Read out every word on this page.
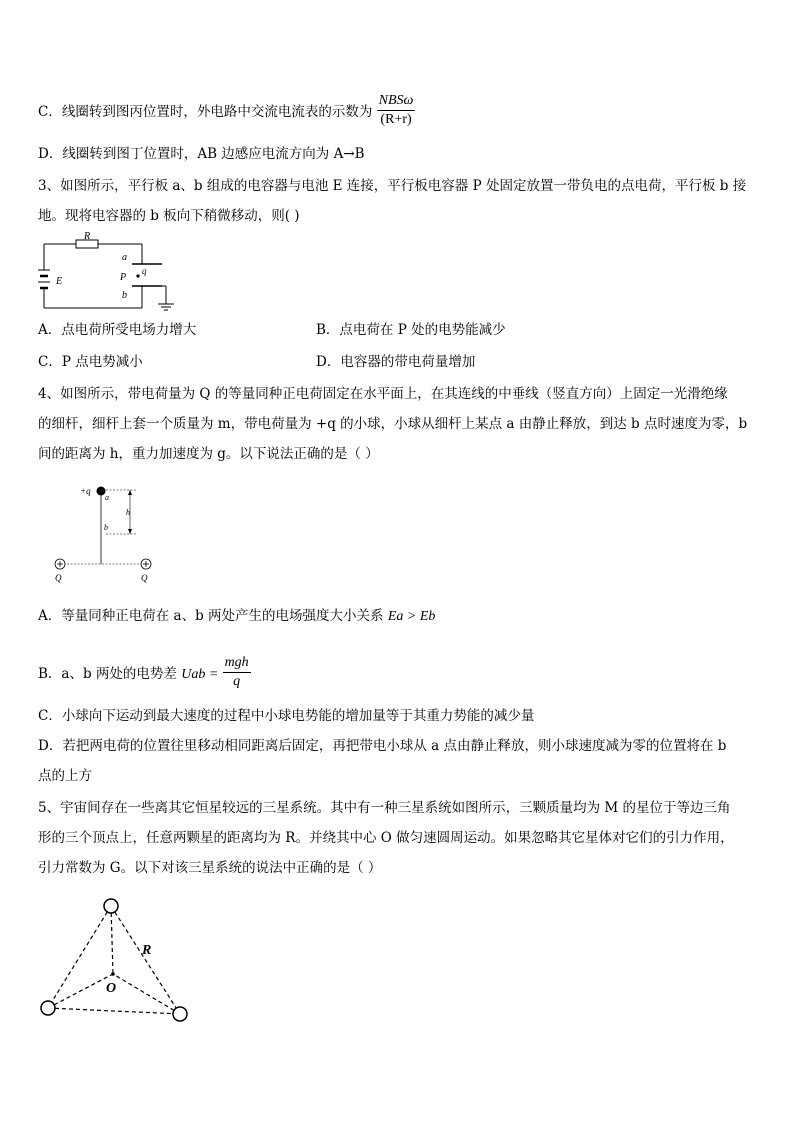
C．线圈转到图丙位置时，外电路中交流电流表的示数为 $\frac{\text{NBSω}}{(R+r)}$
D．线圈转到图丁位置时，AB 边感应电流方向为 A→B
3、如图所示，平行板 a、b 组成的电容器与电池 E 连接，平行板电容器 P 处固定放置一带负电的点电荷，平行板 b 接
地。现将电容器的 b 板向下稍微移动，则( )
R
E
a
P
q
b
A．点电荷所受电场力增大	B．点电荷在 P 处的电势能减少
C．P 点电势减小	D．电容器的带电荷量增加
4、如图所示，带电荷量为 Q 的等量同种正电荷固定在水平面上，在其连线的中垂线（竖直方向）上固定一光滑绝缘
的细杆，细杆上套一个质量为 m，带电荷量为 +q 的小球，小球从细杆上某点 a 由静止释放，到达 b 点时速度为零，b
间的距离为 h，重力加速度为 g。以下说法正确的是（ ）
+q
a
h
b
Q	Q
A．等量同种正电荷在 a、b 两处产生的电场强度大小关系 Ea > Eb
B．a、b 两处的电势差 Uab = $\frac{\text{mgh}}{q}$
C．小球向下运动到最大速度的过程中小球电势能的增加量等于其重力势能的减少量
D．若把两电荷的位置往里移动相同距离后固定，再把带电小球从 a 点由静止释放，则小球速度减为零的位置将在 b
点的上方
5、宇宙间存在一些离其它恒星较远的三星系统。其中有一种三星系统如图所示，三颗质量均为 M 的星位于等边三角
形的三个顶点上，任意两颗星的距离均为 R。并绕其中心 O 做匀速圆周运动。如果忽略其它星体对它们的引力作用，
引力常数为 G。以下对该三星系统的说法中正确的是（ ）
R
O
